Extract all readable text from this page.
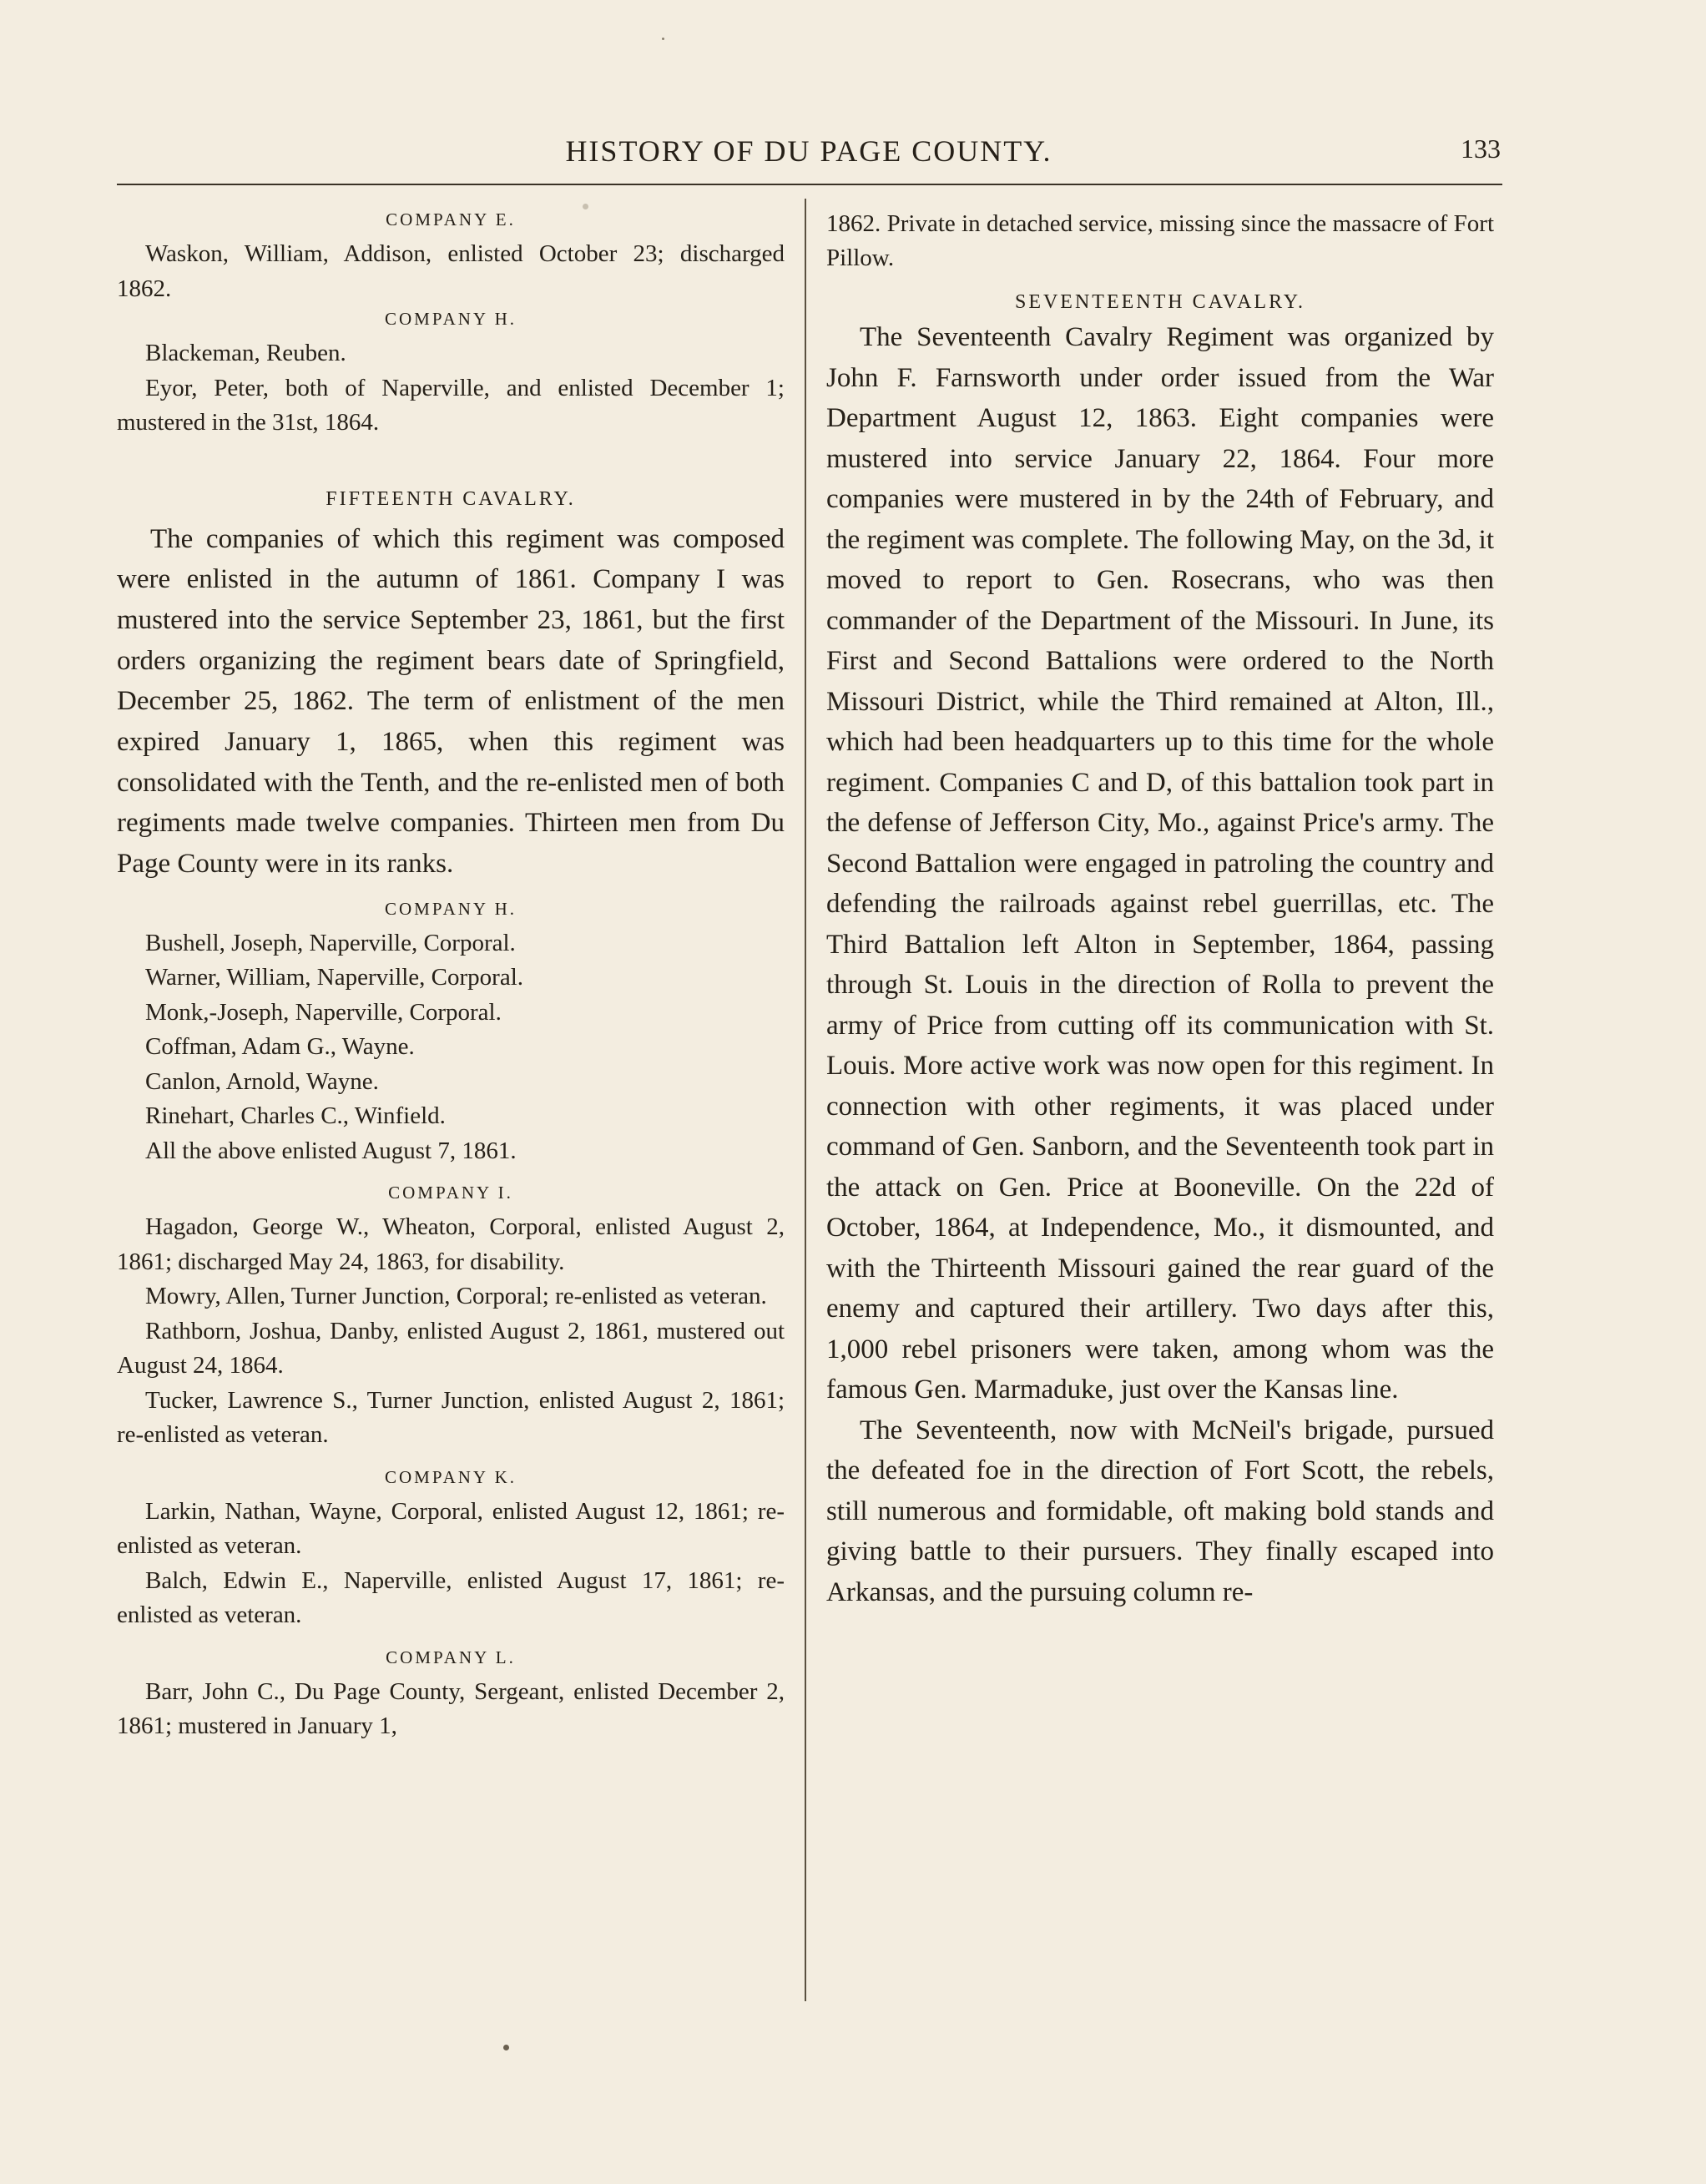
HISTORY OF DU PAGE COUNTY.	133

COMPANY E.

Waskon, William, Addison, enlisted October 23; discharged 1862.

COMPANY H.

Blackeman, Reuben.

Eyor, Peter, both of Naperville, and enlisted December 1; mustered in the 31st, 1864.

FIFTEENTH CAVALRY.

The companies of which this regiment was composed were enlisted in the autumn of 1861. Company I was mustered into the service September 23, 1861, but the first orders organizing the regiment bears date of Springfield, December 25, 1862. The term of enlistment of the men expired January 1, 1865, when this regiment was consolidated with the Tenth, and the re-enlisted men of both regiments made twelve companies. Thirteen men from Du Page County were in its ranks.

COMPANY H.

Bushell, Joseph, Naperville, Corporal.

Warner, William, Naperville, Corporal.

Monk,-Joseph, Naperville, Corporal.

Coffman, Adam G., Wayne.

Canlon, Arnold, Wayne.

Rinehart, Charles C., Winfield.

All the above enlisted August 7, 1861.

COMPANY I.

Hagadon, George W., Wheaton, Corporal, enlisted August 2, 1861; discharged May 24, 1863, for disability.

Mowry, Allen, Turner Junction, Corporal; re-enlisted as veteran.

Rathborn, Joshua, Danby, enlisted August 2, 1861, mustered out August 24, 1864.

Tucker, Lawrence S., Turner Junction, enlisted August 2, 1861; re-enlisted as veteran.

COMPANY K.

Larkin, Nathan, Wayne, Corporal, enlisted August 12, 1861; re-enlisted as veteran.

Balch, Edwin E., Naperville, enlisted August 17, 1861; re-enlisted as veteran.

COMPANY L.

Barr, John C., Du Page County, Sergeant, enlisted December 2, 1861; mustered in January 1,

1862. Private in detached service, missing since the massacre of Fort Pillow.

SEVENTEENTH CAVALRY.

The Seventeenth Cavalry Regiment was organized by John F. Farnsworth under order issued from the War Department August 12, 1863. Eight companies were mustered into service January 22, 1864. Four more companies were mustered in by the 24th of February, and the regiment was complete. The following May, on the 3d, it moved to report to Gen. Rosecrans, who was then commander of the Department of the Missouri. In June, its First and Second Battalions were ordered to the North Missouri District, while the Third remained at Alton, Ill., which had been headquarters up to this time for the whole regiment. Companies C and D, of this battalion took part in the defense of Jefferson City, Mo., against Price's army. The Second Battalion were engaged in patroling the country and defending the railroads against rebel guerrillas, etc. The Third Battalion left Alton in September, 1864, passing through St. Louis in the direction of Rolla to prevent the army of Price from cutting off its communication with St. Louis. More active work was now open for this regiment. In connection with other regiments, it was placed under command of Gen. Sanborn, and the Seventeenth took part in the attack on Gen. Price at Booneville. On the 22d of October, 1864, at Independence, Mo., it dismounted, and with the Thirteenth Missouri gained the rear guard of the enemy and captured their artillery. Two days after this, 1,000 rebel prisoners were taken, among whom was the famous Gen. Marmaduke, just over the Kansas line.

The Seventeenth, now with McNeil's brigade, pursued the defeated foe in the direction of Fort Scott, the rebels, still numerous and formidable, oft making bold stands and giving battle to their pursuers. They finally escaped into Arkansas, and the pursuing column re-
